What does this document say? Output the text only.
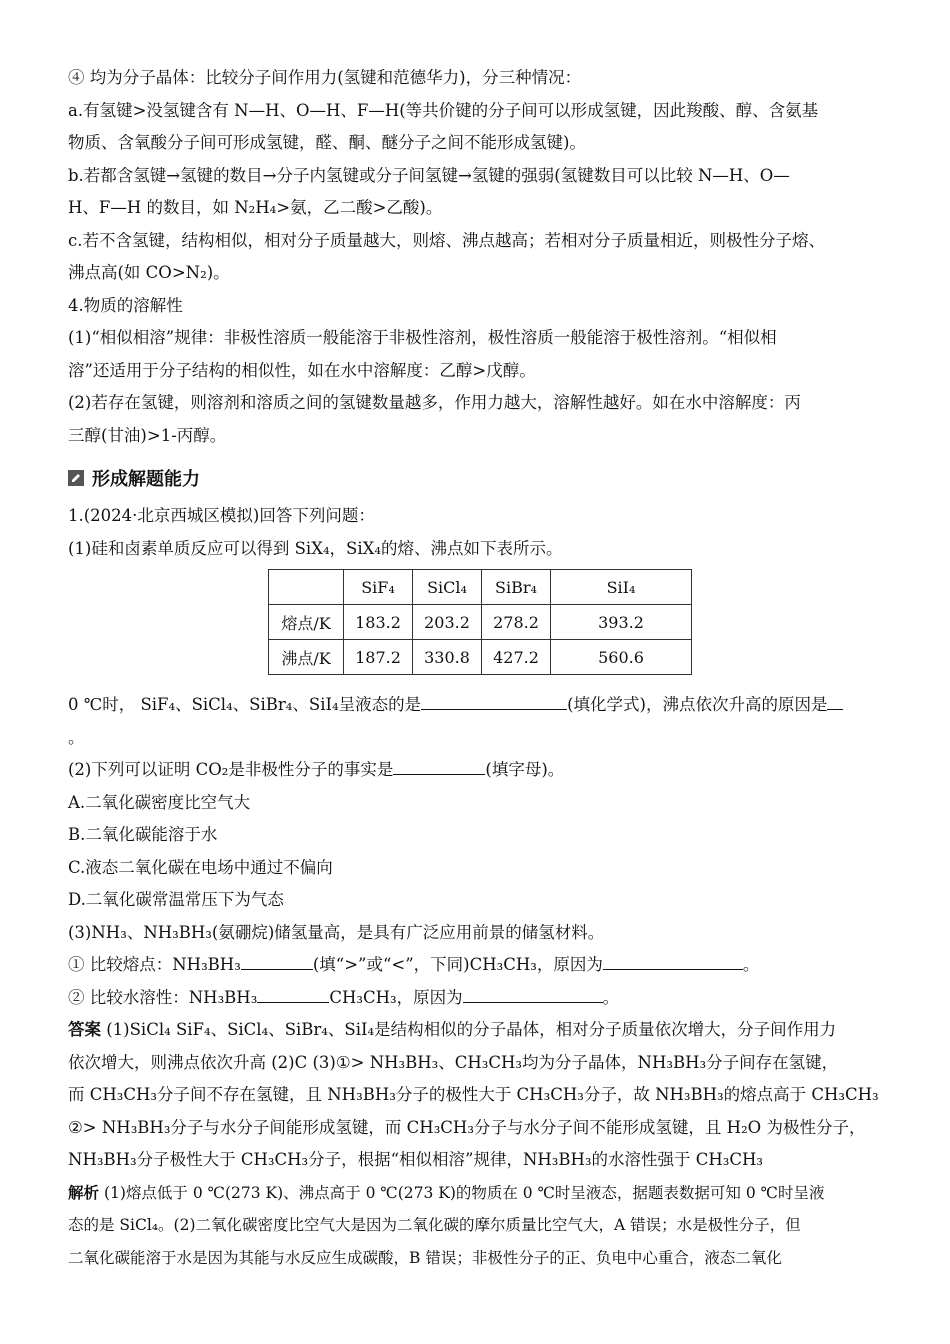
④ 均为分子晶体：比较分子间作用力(氢键和范德华力)，分三种情况：

a.有氢键>没氢键含有 N—H、O—H、F—H(等共价键的分子间可以形成氢键，因此羧酸、醇、含氨基

物质、含氧酸分子间可形成氢键，醛、酮、醚分子之间不能形成氢键)。

b.若都含氢键→氢键的数目→分子内氢键或分子间氢键→氢键的强弱(氢键数目可以比较 N—H、O—

H、F—H 的数目，如 N₂H₄>氨，乙二酸>乙酸)。

c.若不含氢键，结构相似，相对分子质量越大，则熔、沸点越高；若相对分子质量相近，则极性分子熔、

沸点高(如 CO>N₂)。

4.物质的溶解性

(1)“相似相溶”规律：非极性溶质一般能溶于非极性溶剂，极性溶质一般能溶于极性溶剂。“相似相

溶”还适用于分子结构的相似性，如在水中溶解度：乙醇>戊醇。

(2)若存在氢键，则溶剂和溶质之间的氢键数量越多，作用力越大，溶解性越好。如在水中溶解度：丙

三醇(甘油)>1-丙醇。

形成解题能力

1.(2024·北京西城区模拟)回答下列问题：

(1)硅和卤素单质反应可以得到 SiX₄，SiX₄的熔、沸点如下表所示。

	SiF₄	SiCl₄	SiBr₄	SiI₄
熔点/K	183.2	203.2	278.2	393.2
沸点/K	187.2	330.8	427.2	560.6

0 ℃时， SiF₄、SiCl₄、SiBr₄、SiI₄呈液态的是	(填化学式)，沸点依次升高的原因是

。

(2)下列可以证明 CO₂是非极性分子的事实是	(填字母)。

A.二氧化碳密度比空气大

B.二氧化碳能溶于水

C.液态二氧化碳在电场中通过不偏向

D.二氧化碳常温常压下为气态

(3)NH₃、NH₃BH₃(氨硼烷)储氢量高，是具有广泛应用前景的储氢材料。

① 比较熔点：NH₃BH₃	(填“>”或“<”，下同)CH₃CH₃，原因为	。

② 比较水溶性：NH₃BH₃	CH₃CH₃，原因为	。

答案 (1)SiCl₄ SiF₄、SiCl₄、SiBr₄、SiI₄是结构相似的分子晶体，相对分子质量依次增大，分子间作用力

依次增大，则沸点依次升高 (2)C (3)①> NH₃BH₃、CH₃CH₃均为分子晶体，NH₃BH₃分子间存在氢键，

而 CH₃CH₃分子间不存在氢键，且 NH₃BH₃分子的极性大于 CH₃CH₃分子，故 NH₃BH₃的熔点高于 CH₃CH₃

②> NH₃BH₃分子与水分子间能形成氢键，而 CH₃CH₃分子与水分子间不能形成氢键，且 H₂O 为极性分子，

NH₃BH₃分子极性大于 CH₃CH₃分子，根据“相似相溶”规律，NH₃BH₃的水溶性强于 CH₃CH₃

解析 (1)熔点低于 0 ℃(273 K)、沸点高于 0 ℃(273 K)的物质在 0 ℃时呈液态，据题表数据可知 0 ℃时呈液

态的是 SiCl₄。(2)二氧化碳密度比空气大是因为二氧化碳的摩尔质量比空气大，A 错误；水是极性分子，但

二氧化碳能溶于水是因为其能与水反应生成碳酸，B 错误；非极性分子的正、负电中心重合，液态二氧化
